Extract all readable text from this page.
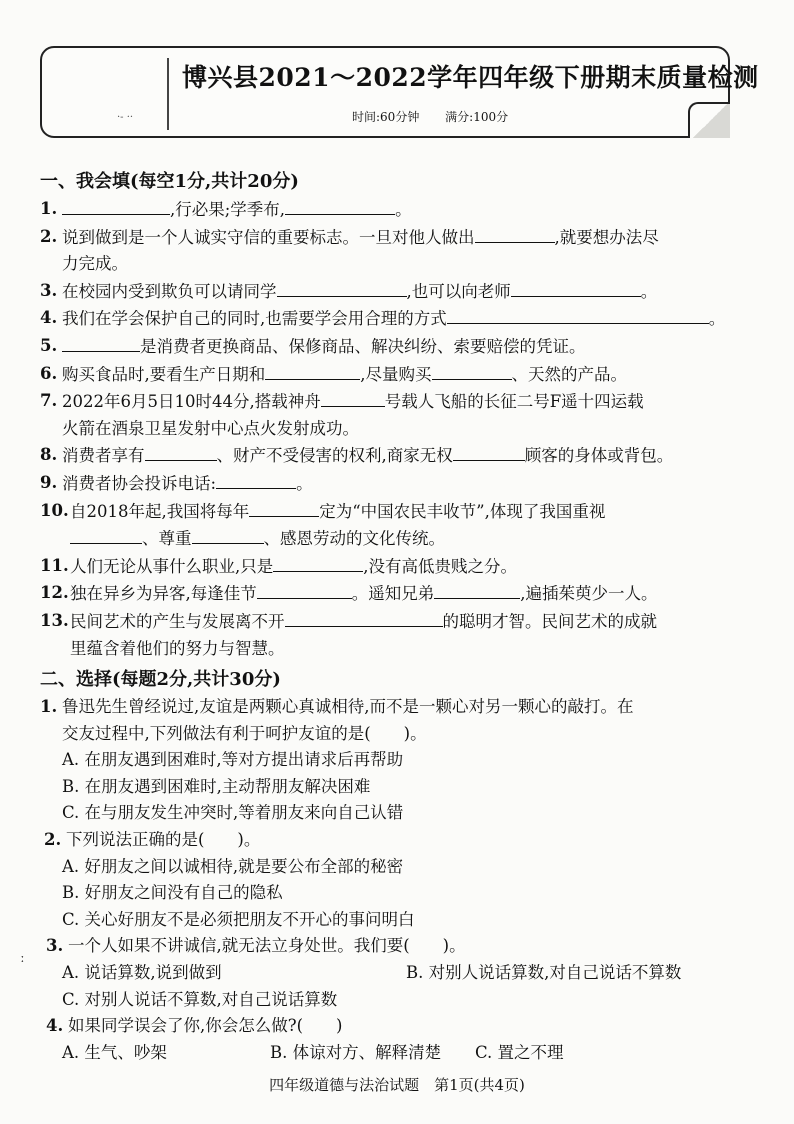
·- ··
博兴县2021～2022学年四年级下册期末质量检测
时间:60分钟 满分:100分
ː
一、我会填(每空1分,共计20分)
1.	,行必果;学季布,	。
2. 说到做到是一个人诚实守信的重要标志。一旦对他人做出	,就要想办法尽
力完成。
3. 在校园内受到欺负可以请同学	,也可以向老师	。
4. 我们在学会保护自己的同时,也需要学会用合理的方式	。
5.	是消费者更换商品、保修商品、解决纠纷、索要赔偿的凭证。
6. 购买食品时,要看生产日期和	,尽量购买	、天然的产品。
7. 2022年6月5日10时44分,搭载神舟	号载人飞船的长征二号F遥十四运载
火箭在酒泉卫星发射中心点火发射成功。
8. 消费者享有	、财产不受侵害的权利,商家无权	顾客的身体或背包。
9. 消费者协会投诉电话:	。
10. 自2018年起,我国将每年	定为“中国农民丰收节”,体现了我国重视
、尊重	、感恩劳动的文化传统。
11. 人们无论从事什么职业,只是	,没有高低贵贱之分。
12. 独在异乡为异客,每逢佳节	。遥知兄弟	,遍插茱萸少一人。
13. 民间艺术的产生与发展离不开	的聪明才智。民间艺术的成就
里蕴含着他们的努力与智慧。
二、选择(每题2分,共计30分)
1. 鲁迅先生曾经说过,友谊是两颗心真诚相待,而不是一颗心对另一颗心的敲打。在
交友过程中,下列做法有利于呵护友谊的是(　　)。
A. 在朋友遇到困难时,等对方提出请求后再帮助
B. 在朋友遇到困难时,主动帮朋友解决困难
C. 在与朋友发生冲突时,等着朋友来向自己认错
2. 下列说法正确的是(　　)。
A. 好朋友之间以诚相待,就是要公布全部的秘密
B. 好朋友之间没有自己的隐私
C. 关心好朋友不是必须把朋友不开心的事问明白
3. 一个人如果不讲诚信,就无法立身处世。我们要(　　)。
A. 说话算数,说到做到	B. 对别人说话算数,对自己说话不算数
C. 对别人说话不算数,对自己说话算数
4. 如果同学误会了你,你会怎么做?(　　)
A. 生气、吵架	B. 体谅对方、解释清楚 C. 置之不理
四年级道德与法治试题　第1页(共4页)
